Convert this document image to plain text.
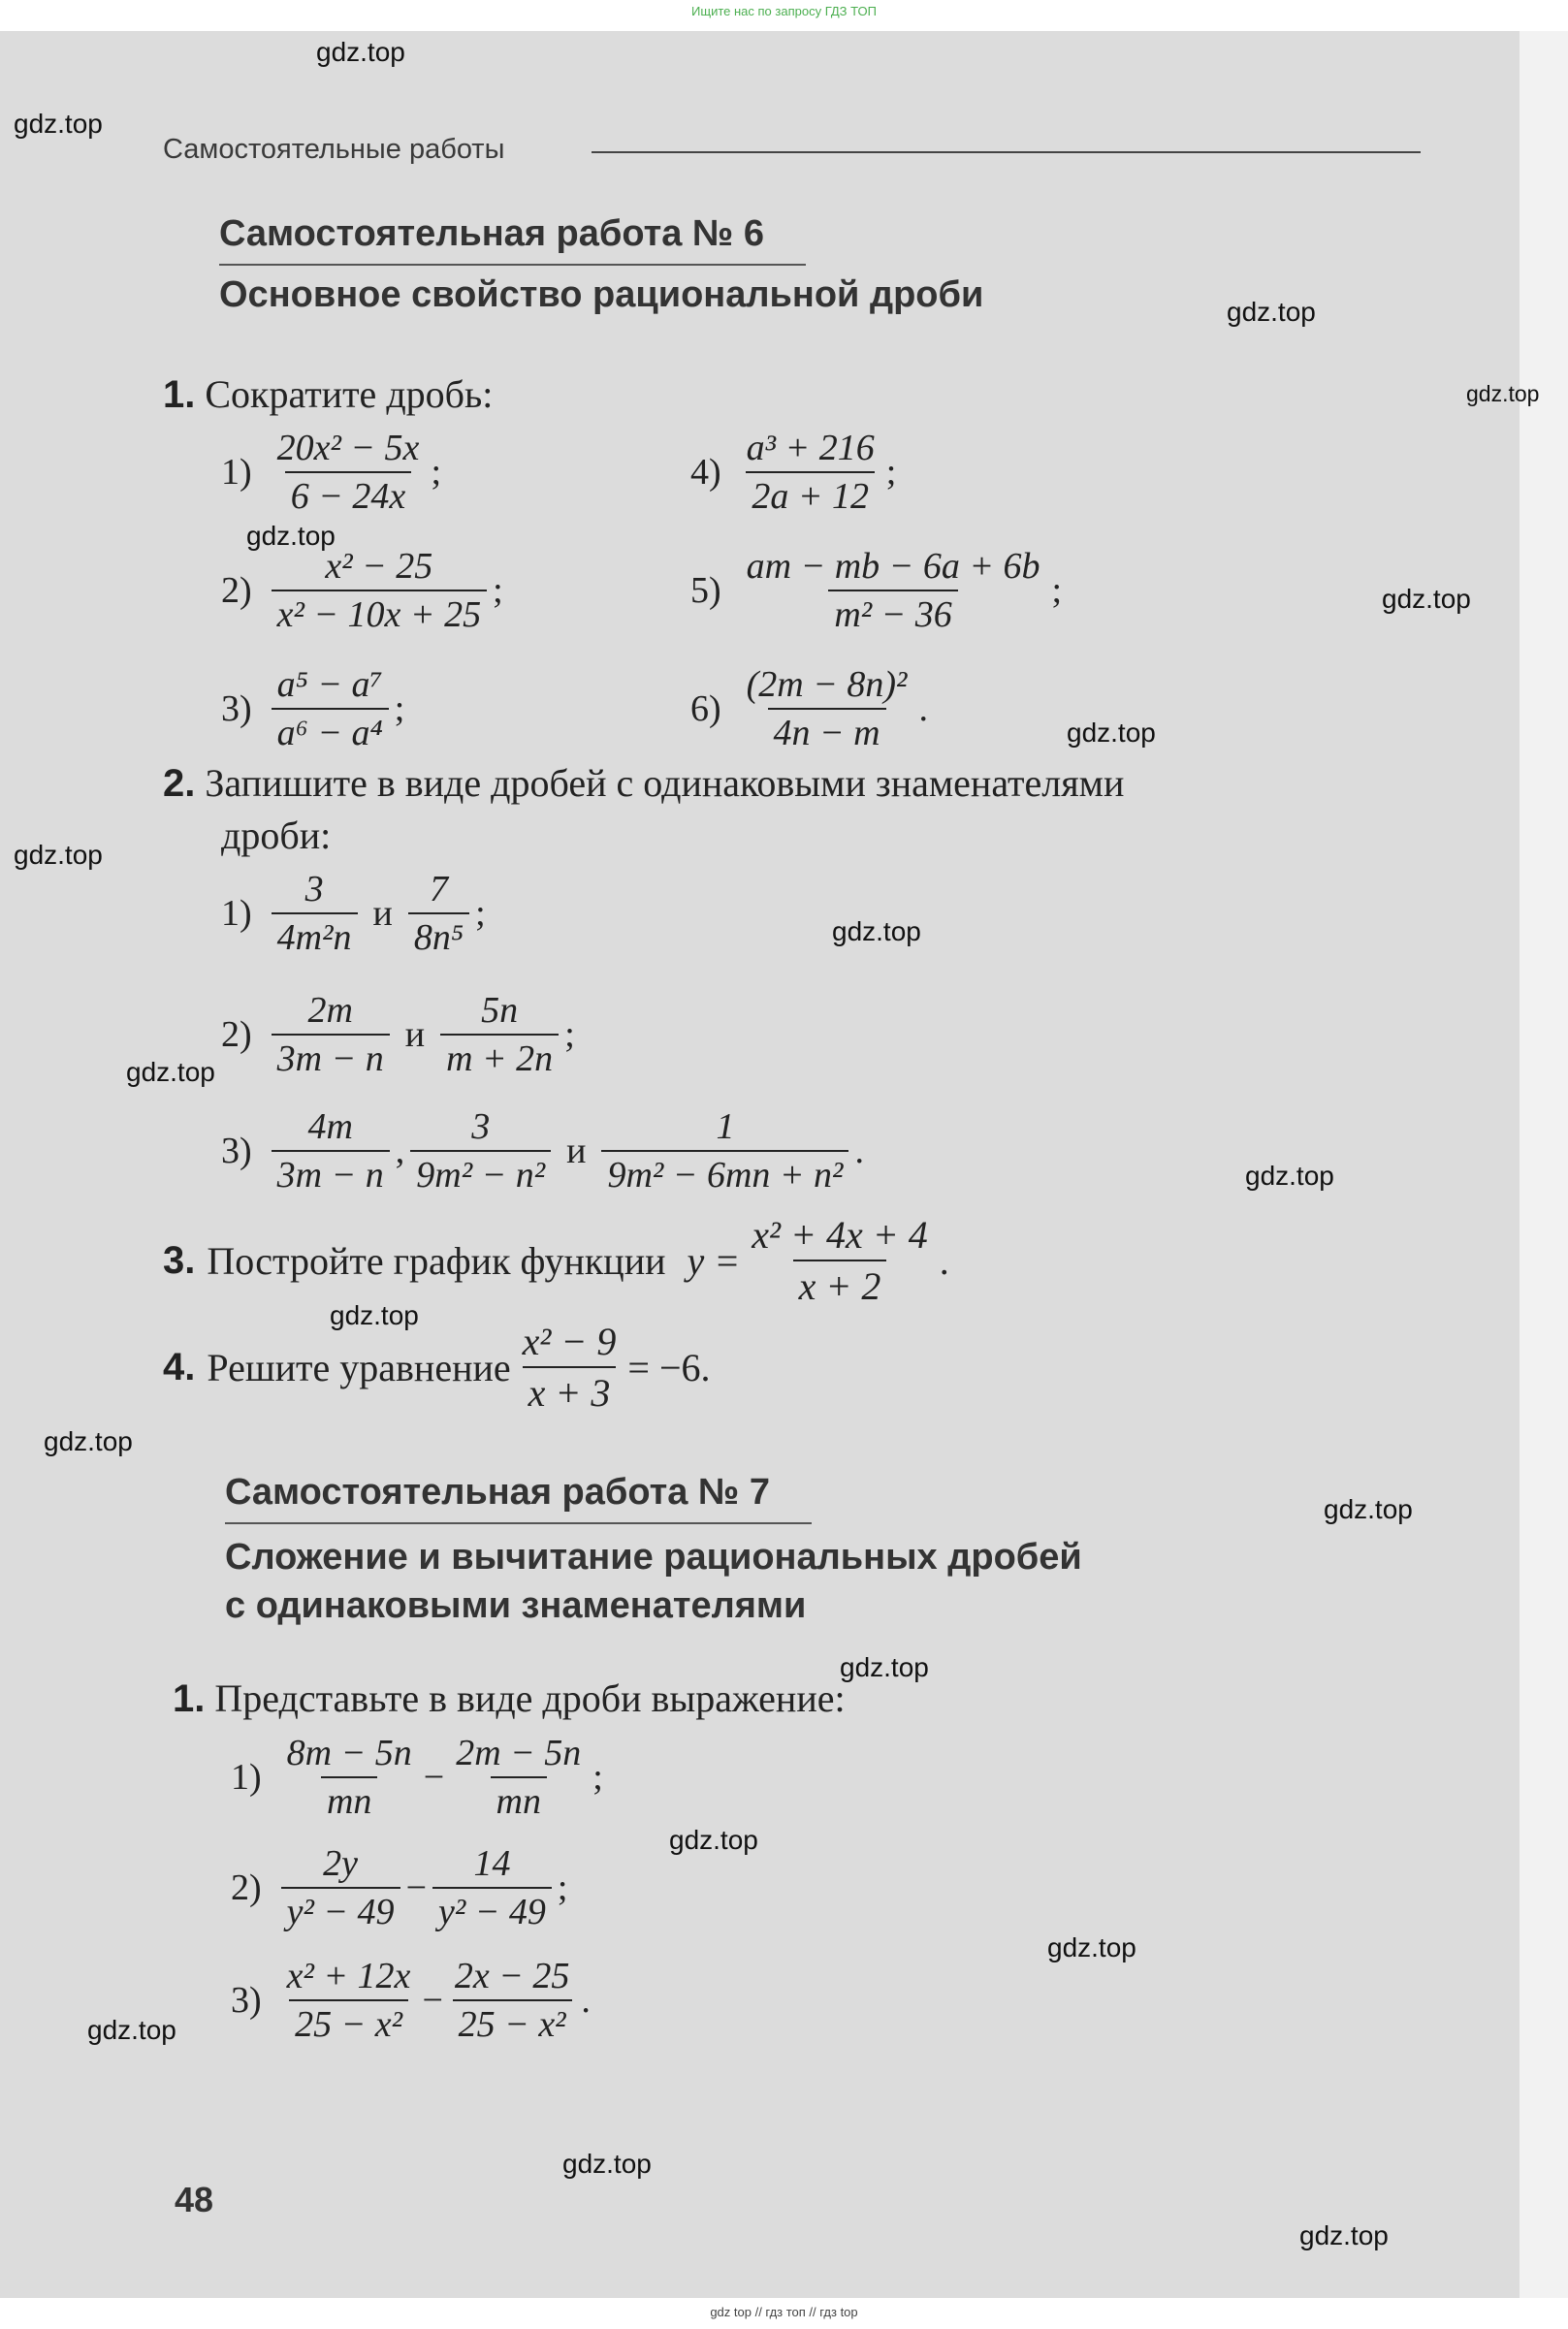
Ищите нас по запросу ГДЗ ТОП
Самостоятельные работы
Самостоятельная работа № 6
Основное свойство рациональной дроби
1. Сократите дробь:
$1) \frac{\text{20x² − 5x}}{6 - 24x}$ ;
$2) \frac{\text{x² − 25}}{\text{x² − 10x + 25}}$ ;
$3) \frac{\text{a⁵ − a⁷}}{\text{a⁶ − a⁴}}$ ;
$4) \frac{\text{a³ + 216}}{2a + 12}$ ;
$5) \frac{am - mb - 6a + 6b}{\text{m² − 36}}$ ;
$6) \frac{\text{(2m − 8n)²}}{4n - m}$ .
2. Запишите в виде дробей с одинаковыми знаменателями
дроби:
$1) \frac{3}{\text{4m²n}}$ и $\frac{7}{\text{8n⁵}}$ ;
$2) \frac{2m}{3m - n}$ и $\frac{5n}{m + 2n}$ ;
$3) \frac{4m}{3m - n}$ , $\frac{3}{\text{9m² − n²}}$ и $\frac{1}{\text{9m² − 6mn + n²}}$ .
3. Постройте график функции $y = \frac{\text{x² + 4x + 4}}{x + 2}$ .
4. Решите уравнение $\frac{\text{x² − 9}}{x + 3} = -6$.
Самостоятельная работа № 7
Сложение и вычитание рациональных дробей
с одинаковыми знаменателями
1. Представьте в виде дроби выражение:
$1) \frac{8m - 5n}{mn} - \frac{2m - 5n}{mn}$ ;
$2) \frac{2y}{\text{y² − 49}} - \frac{14}{\text{y² − 49}}$ ;
$3) \frac{\text{x² + 12x}}{\text{25 − x²}} - \frac{2x - 25}{\text{25 − x²}}$ .
48
gdz.top
gdz.top
gdz.top
gdz.top
gdz.top
gdz.top
gdz.top
gdz.top
gdz.top
gdz.top
gdz.top
gdz.top
gdz.top
gdz.top
gdz.top
gdz.top
gdz.top
gdz.top
gdz.top
gdz.top
gdz top // гдз топ // гдз top
